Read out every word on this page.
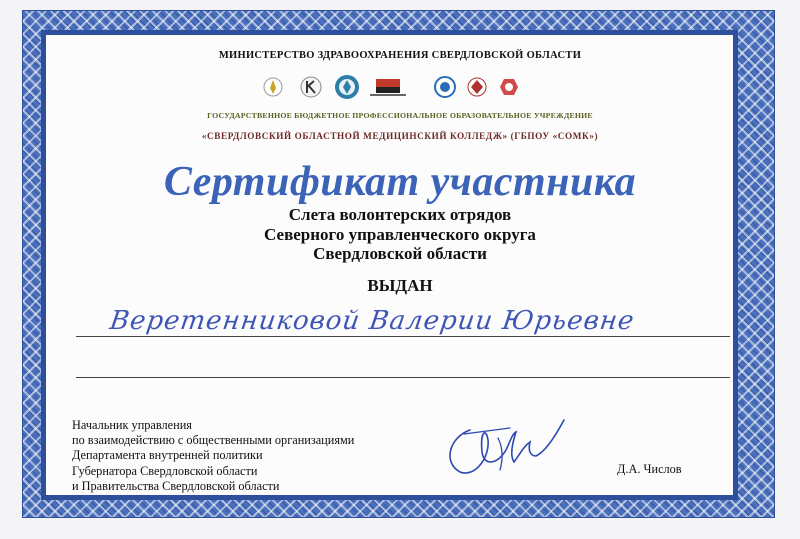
МИНИСТЕРСТВО ЗДРАВООХРАНЕНИЯ СВЕРДЛОВСКОЙ ОБЛАСТИ
ГОСУДАРСТВЕННОЕ БЮДЖЕТНОЕ ПРОФЕССИОНАЛЬНОЕ ОБРАЗОВАТЕЛЬНОЕ УЧРЕЖДЕНИЕ
«СВЕРДЛОВСКИЙ ОБЛАСТНОЙ МЕДИЦИНСКИЙ КОЛЛЕДЖ» (ГБПОУ «СОМК»)
Сертификат участника
Слета волонтерских отрядов
Северного управленческого округа
Свердловской области
ВЫДАН
Веретенниковой Валерии Юрьевне
Начальник управления
по взаимодействию с общественными организациями
Департамента внутренней политики
Губернатора Свердловской области
и Правительства Свердловской области
Д.А. Числов
